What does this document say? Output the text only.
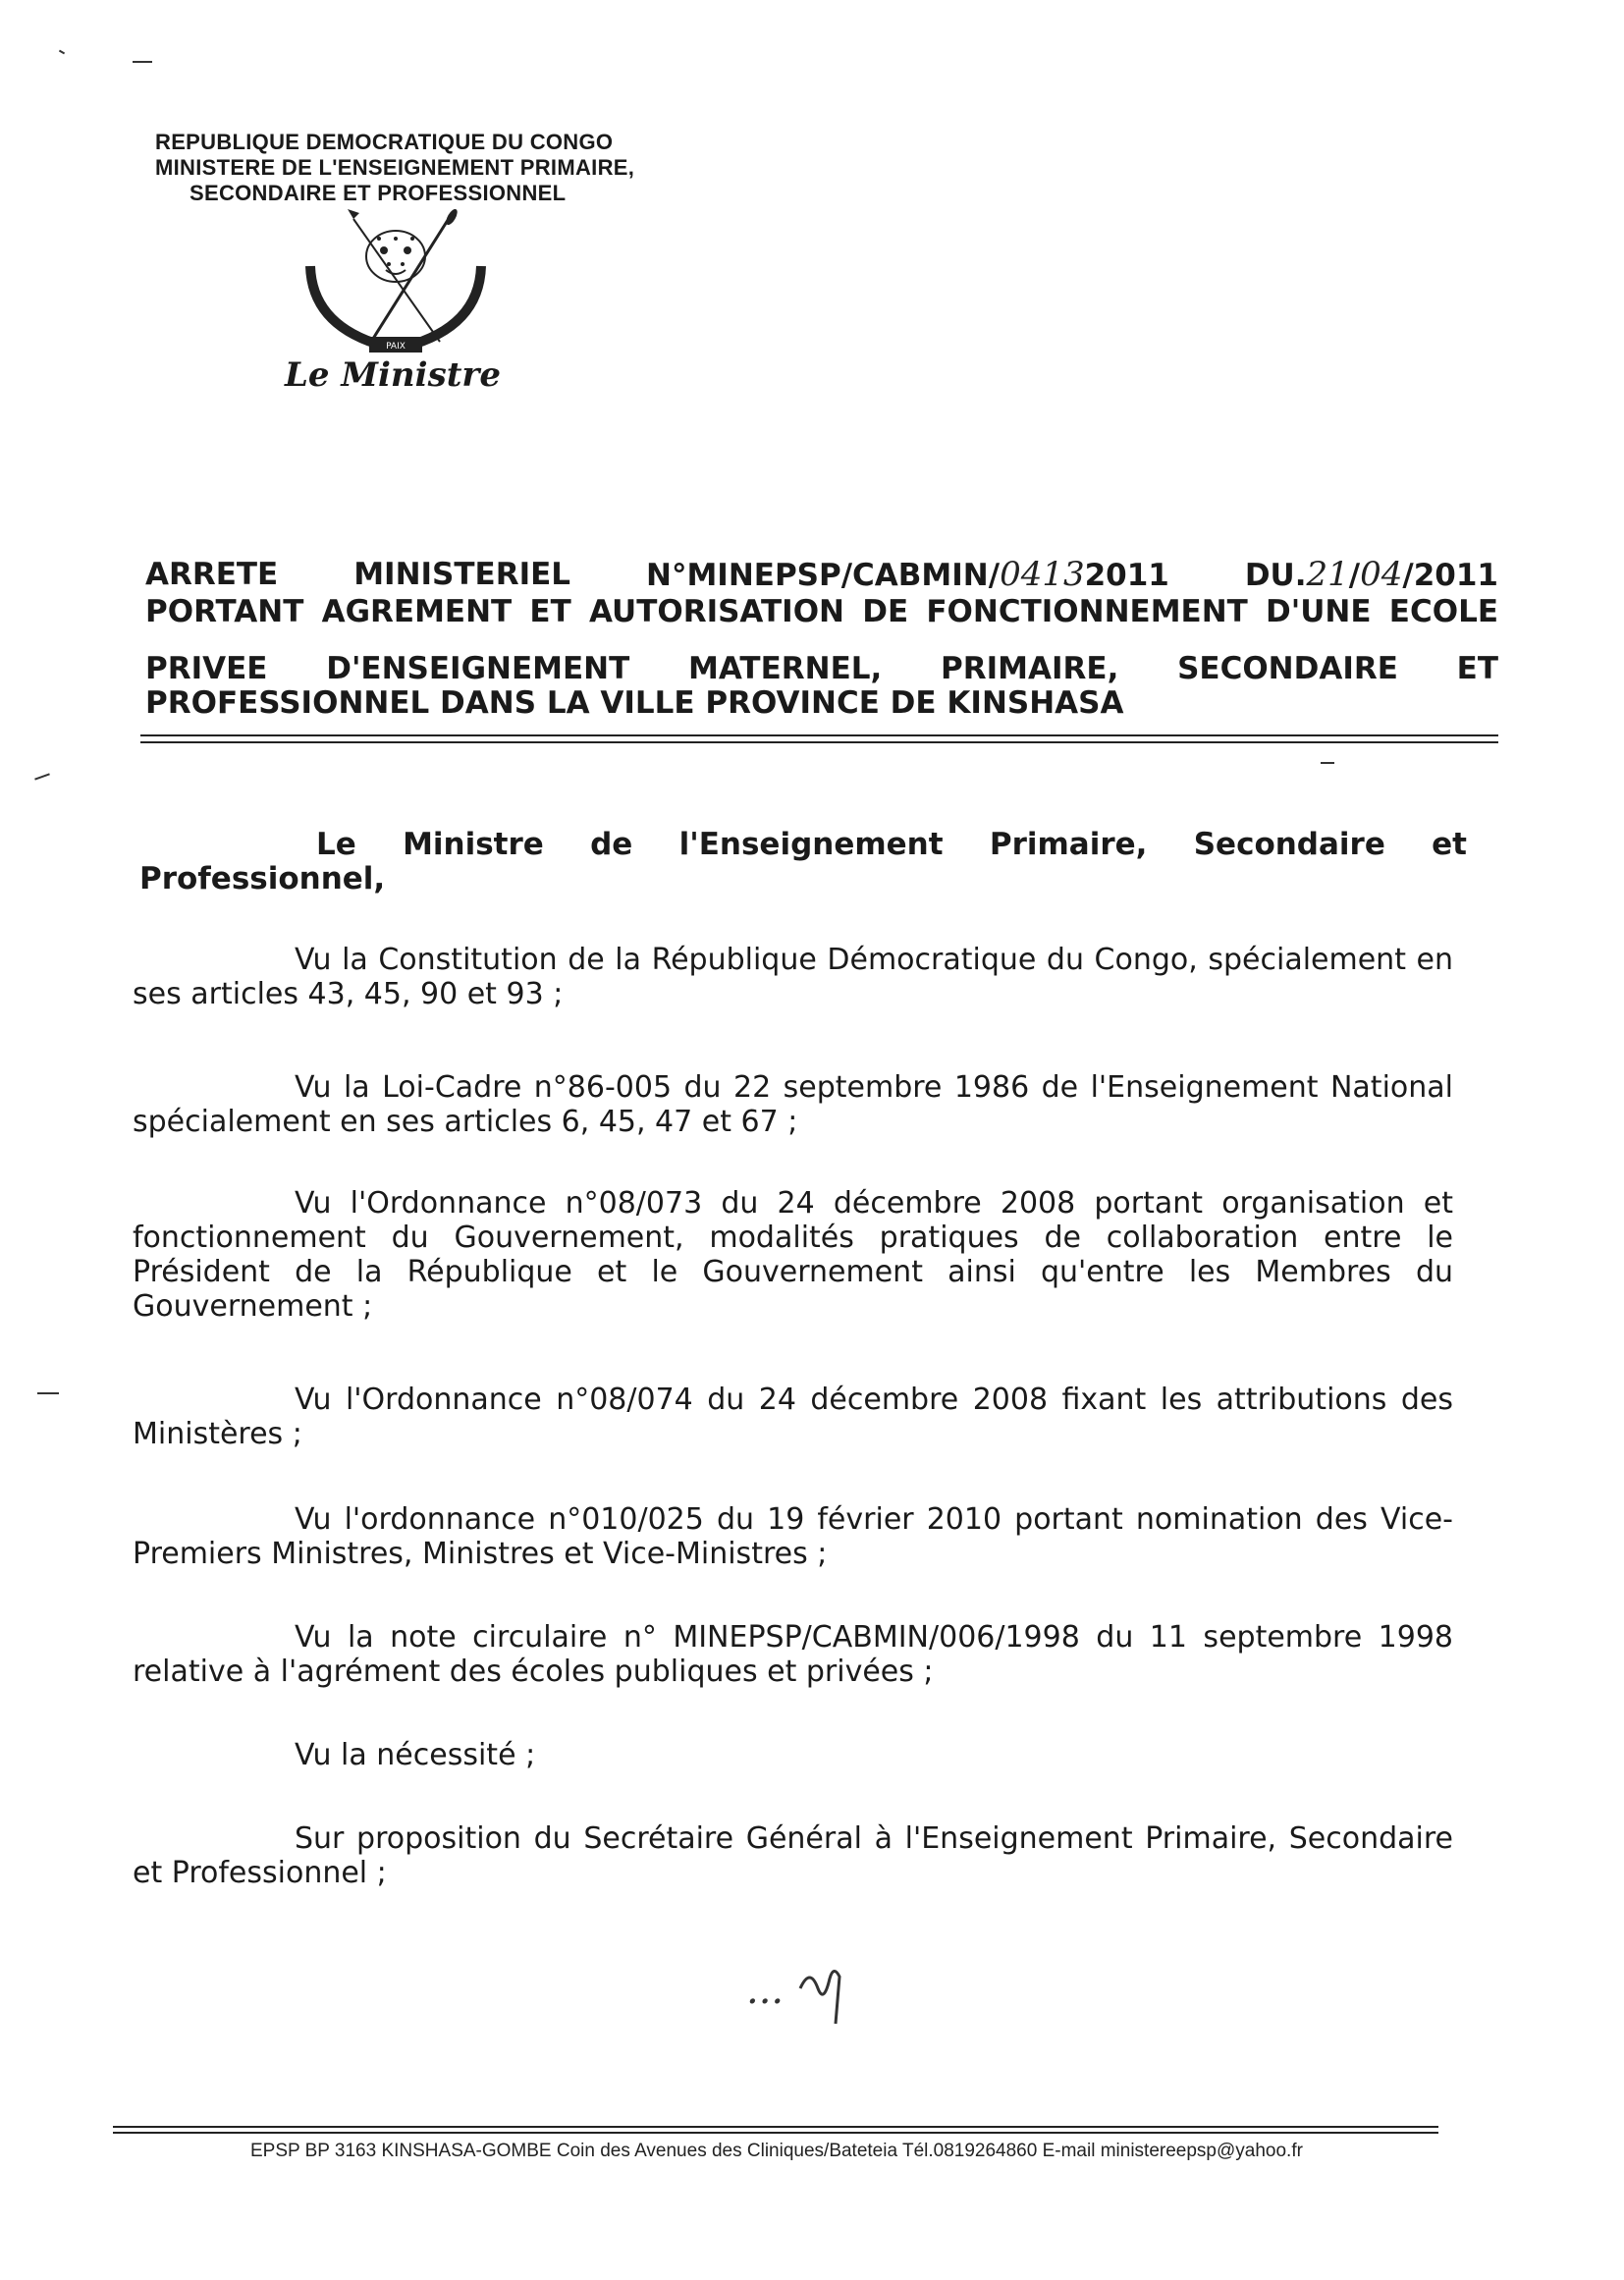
REPUBLIQUE DEMOCRATIQUE DU CONGO
MINISTERE DE L'ENSEIGNEMENT PRIMAIRE,
SECONDAIRE ET PROFESSIONNEL
PAIX
Le Ministre
ARRETE MINISTERIEL N°MINEPSP/CABMIN/04132011 DU.21/04/2011
PORTANT AGREMENT ET AUTORISATION DE FONCTIONNEMENT D'UNE ECOLE
PRIVEE D'ENSEIGNEMENT MATERNEL, PRIMAIRE, SECONDAIRE ET
PROFESSIONNEL DANS LA VILLE PROVINCE DE KINSHASA
Le Ministre de l'Enseignement Primaire, Secondaire et
Professionnel,
Vu la Constitution de la République Démocratique du Congo, spécialement en ses articles 43, 45, 90 et 93 ;
Vu la Loi-Cadre n°86-005 du 22 septembre 1986 de l'Enseignement National spécialement en ses articles 6, 45, 47 et 67 ;
Vu l'Ordonnance n°08/073 du 24 décembre 2008 portant organisation et fonctionnement du Gouvernement, modalités pratiques de collaboration entre le Président de la République et le Gouvernement ainsi qu'entre les Membres du Gouvernement ;
Vu l'Ordonnance n°08/074 du 24 décembre 2008 fixant les attributions des Ministères ;
Vu l'ordonnance n°010/025 du 19 février 2010 portant nomination des Vice-Premiers Ministres, Ministres et Vice-Ministres ;
Vu la note circulaire n° MINEPSP/CABMIN/006/1998 du 11 septembre 1998 relative à l'agrément des écoles publiques et privées ;
Vu la nécessité ;
Sur proposition du Secrétaire Général à l'Enseignement Primaire, Secondaire et Professionnel ;
...
EPSP BP 3163 KINSHASA-GOMBE Coin des Avenues des Cliniques/Bateteia Tél.0819264860 E-mail ministereepsp@yahoo.fr
